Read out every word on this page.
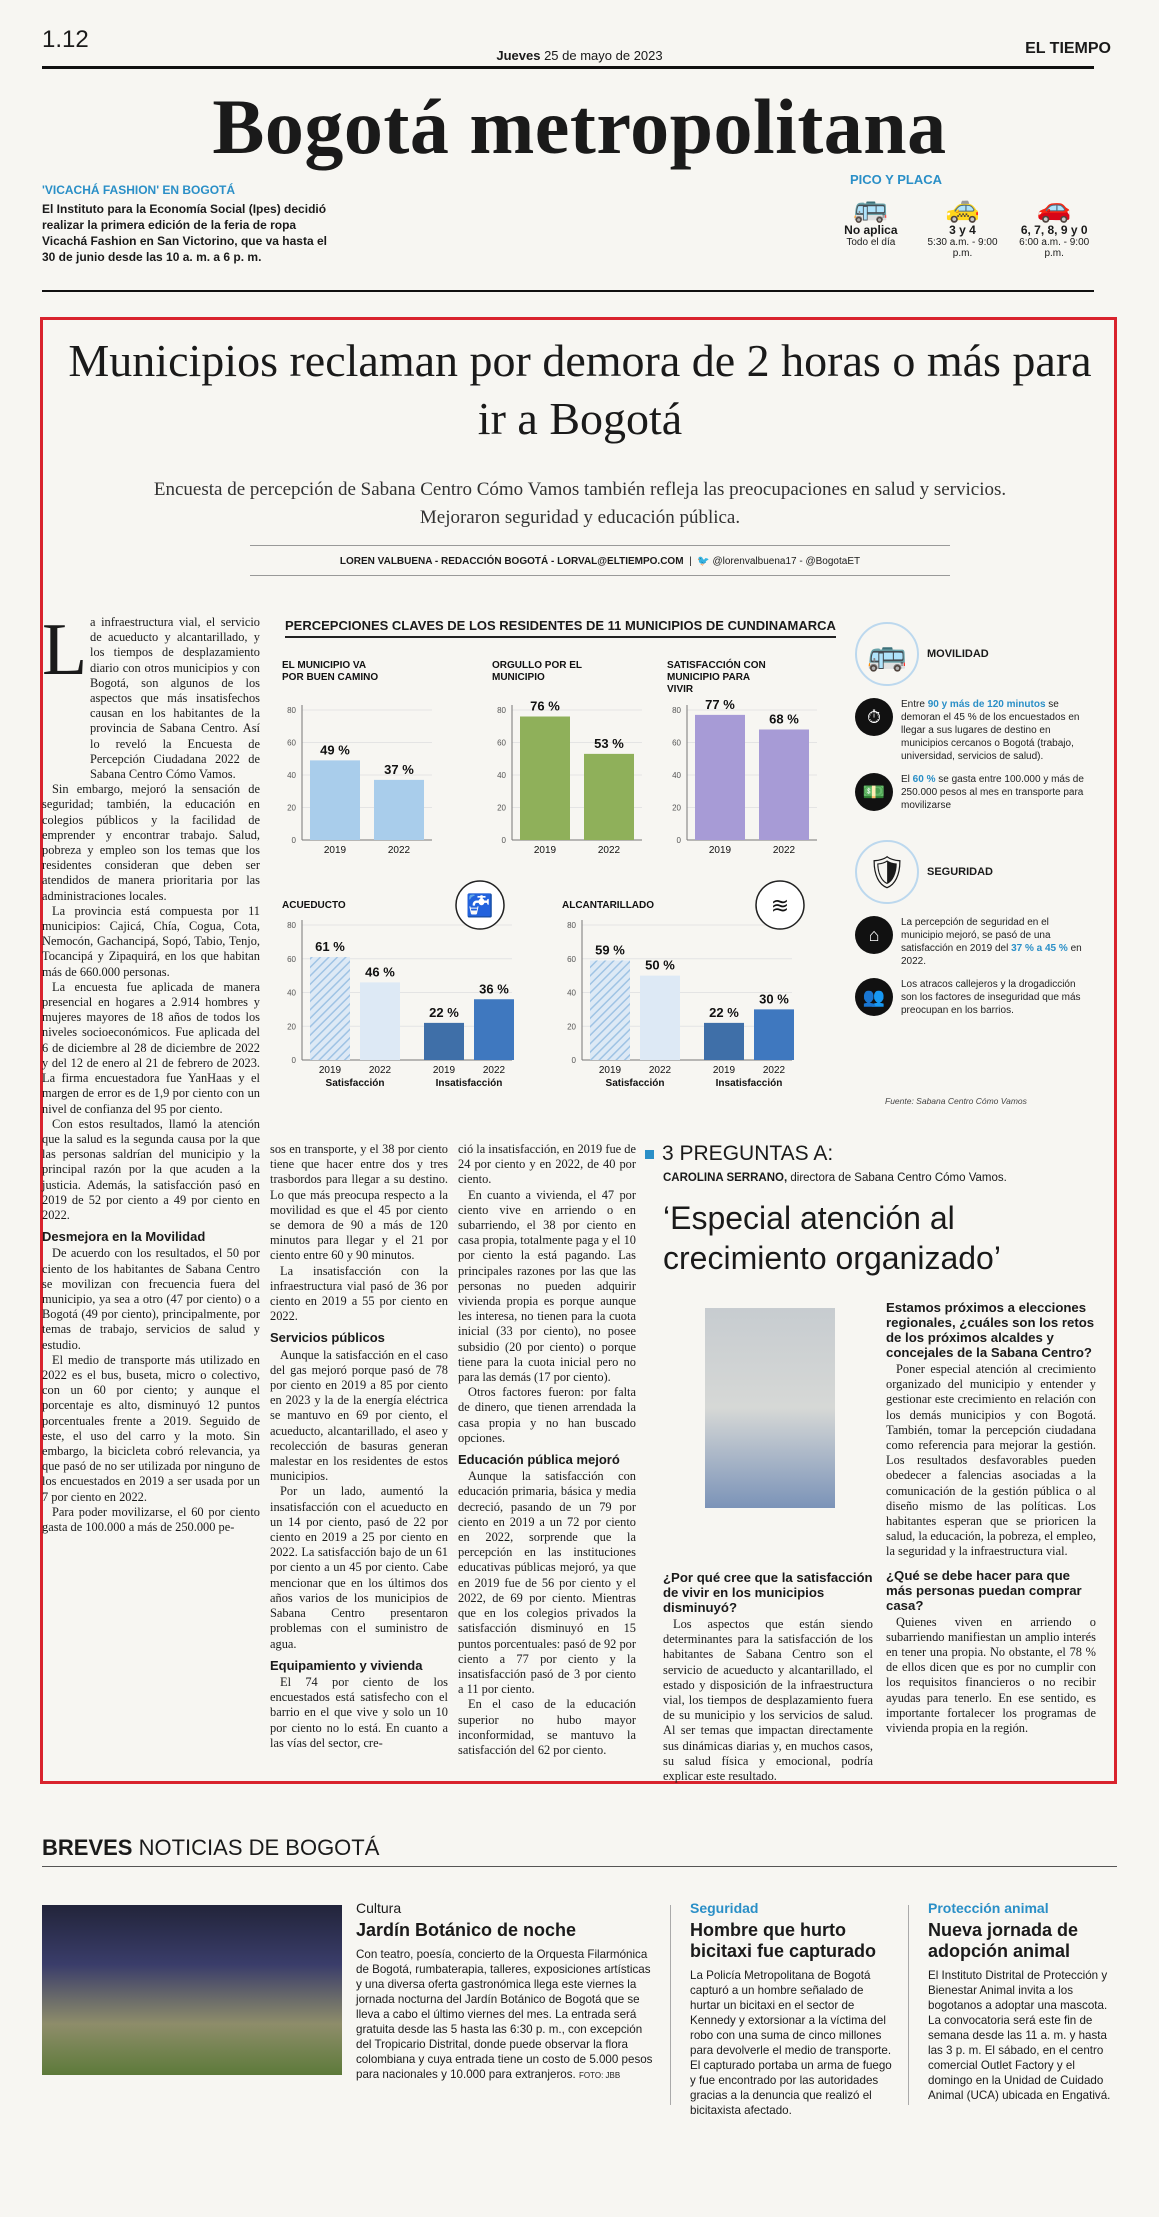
1.12
Jueves 25 de mayo de 2023	EL TIEMPO
Bogotá metropolitana
'VICACHÁ FASHION' EN BOGOTÁ
El Instituto para la Economía Social (Ipes) decidió realizar la primera edición de la feria de ropa Vicachá Fashion en San Victorino, que va hasta el 30 de junio desde las 10 a. m. a 6 p. m.
PICO Y PLACA
🚌
No aplica
Todo el día
🚕
3 y 4
5:30 a.m. - 9:00 p.m.
🚗
6, 7, 8, 9 y 0
6:00 a.m. - 9:00 p.m.
Municipios reclaman por demora de 2 horas o más para ir a Bogotá
Encuesta de percepción de Sabana Centro Cómo Vamos también refleja las preocupaciones en salud y servicios. Mejoraron seguridad y educación pública.
LOREN VALBUENA - REDACCIÓN BOGOTÁ - LORVAL@ELTIEMPO.COM  |  🐦 @lorenvalbuena17 - @BogotaET
PERCEPCIONES CLAVES DE LOS RESIDENTES DE 11 MUNICIPIOS DE CUNDINAMARCA
EL MUNICIPIO VA
POR BUEN CAMINO
0
20
40
60
80
49 %
2019
37 %
2022
ORGULLO POR EL
MUNICIPIO
0
20
40
60
80 76 %
2019
53 %
2022
SATISFACCIÓN CON
MUNICIPIO PARA
VIVIR
0
20
40
60
80 77 %
2019
68 %
2022
ACUEDUCTO
0
20
40
60
80
61 %
2019
46 %
2022
22 %
2019
36 %
2022
Satisfacción	Insatisfacción
🚰	ALCANTARILLADO
0
20
40
60
80
59 %
2019
50 %
2022
22 %
2019
30 %
2022
Satisfacción	Insatisfacción
≋
Fuente: Sabana Centro Cómo Vamos
🚌	MOVILIDAD
⏱
Entre 90 y más de 120 minutos se demoran el 45 % de los encuestados en llegar a sus lugares de destino en municipios cercanos o Bogotá (trabajo, universidad, servicios de salud).
💵
El 60 % se gasta entre 100.000 y más de 250.000 pesos al mes en transporte para movilizarse
🛡	SEGURIDAD
⌂
La percepción de seguridad en el municipio mejoró, se pasó de una satisfacción en 2019 del 37 % a 45 % en 2022.
👥
Los atracos callejeros y la drogadicción son los factores de inseguridad que más preocupan en los barrios.
L a infraestructura vial, el servicio de acueducto y alcantarillado, y los tiempos de desplazamiento diario con otros municipios y con Bogotá, son algunos de los aspectos que más insatisfechos causan en los habitantes de la provincia de Sabana Centro. Así lo reveló la Encuesta de Percepción Ciudadana 2022 de Sabana Centro Cómo Vamos.

Sin embargo, mejoró la sensación de seguridad; también, la educación en colegios públicos y la facilidad de emprender y encontrar trabajo. Salud, pobreza y empleo son los temas que los residentes consideran que deben ser atendidos de manera prioritaria por las administraciones locales.

La provincia está compuesta por 11 municipios: Cajicá, Chía, Cogua, Cota, Nemocón, Gachancipá, Sopó, Tabio, Tenjo, Tocancipá y Zipaquirá, en los que habitan más de 660.000 personas.

La encuesta fue aplicada de manera presencial en hogares a 2.914 hombres y mujeres mayores de 18 años de todos los niveles socioeconómicos. Fue aplicada del 6 de diciembre al 28 de diciembre de 2022 y del 12 de enero al 21 de febrero de 2023. La firma encuestadora fue YanHaas y el margen de error es de 1,9 por ciento con un nivel de confianza del 95 por ciento.

Con estos resultados, llamó la atención que la salud es la segunda causa por la que las personas saldrían del municipio y la principal razón por la que acuden a la justicia. Además, la satisfacción pasó en 2019 de 52 por ciento a 49 por ciento en 2022.

Desmejora en la Movilidad

De acuerdo con los resultados, el 50 por ciento de los habitantes de Sabana Centro se movilizan con frecuencia fuera del municipio, ya sea a otro (47 por ciento) o a Bogotá (49 por ciento), principalmente, por temas de trabajo, servicios de salud y estudio.

El medio de transporte más utilizado en 2022 es el bus, buseta, micro o colectivo, con un 60 por ciento; y aunque el porcentaje es alto, disminuyó 12 puntos porcentuales frente a 2019. Seguido de este, el uso del carro y la moto. Sin embargo, la bicicleta cobró relevancia, ya que pasó de no ser utilizada por ninguno de los encuestados en 2019 a ser usada por un 7 por ciento en 2022.

Para poder movilizarse, el 60 por ciento gasta de 100.000 a más de 250.000 pe-

sos en transporte, y el 38 por ciento tiene que hacer entre dos y tres trasbordos para llegar a su destino. Lo que más preocupa respecto a la movilidad es que el 45 por ciento se demora de 90 a más de 120 minutos para llegar y el 21 por ciento entre 60 y 90 minutos.

La insatisfacción con la infraestructura vial pasó de 36 por ciento en 2019 a 55 por ciento en 2022.

Servicios públicos

Aunque la satisfacción en el caso del gas mejoró porque pasó de 78 por ciento en 2019 a 85 por ciento en 2023 y la de la energía eléctrica se mantuvo en 69 por ciento, el acueducto, alcantarillado, el aseo y recolección de basuras generan malestar en los residentes de estos municipios.

Por un lado, aumentó la insatisfacción con el acueducto en un 14 por ciento, pasó de 22 por ciento en 2019 a 25 por ciento en 2022. La satisfacción bajo de un 61 por ciento a un 45 por ciento. Cabe mencionar que en los últimos dos años varios de los municipios de Sabana Centro presentaron problemas con el suministro de agua.

Equipamiento y vivienda

El 74 por ciento de los encuestados está satisfecho con el barrio en el que vive y solo un 10 por ciento no lo está. En cuanto a las vías del sector, cre-

ció la insatisfacción, en 2019 fue de 24 por ciento y en 2022, de 40 por ciento.

En cuanto a vivienda, el 47 por ciento vive en arriendo o en subarriendo, el 38 por ciento en casa propia, totalmente paga y el 10 por ciento la está pagando. Las principales razones por las que las personas no pueden adquirir vivienda propia es porque aunque les interesa, no tienen para la cuota inicial (33 por ciento), no posee subsidio (20 por ciento) o porque tiene para la cuota inicial pero no para las demás (17 por ciento).

Otros factores fueron: por falta de dinero, que tienen arrendada la casa propia y no han buscado opciones.

Educación pública mejoró

Aunque la satisfacción con educación primaria, básica y media decreció, pasando de un 79 por ciento en 2019 a un 72 por ciento en 2022, sorprende que la percepción en las instituciones educativas públicas mejoró, ya que en 2019 fue de 56 por ciento y el 2022, de 69 por ciento. Mientras que en los colegios privados la satisfacción disminuyó en 15 puntos porcentuales: pasó de 92 por ciento a 77 por ciento y la insatisfacción pasó de 3 por ciento a 11 por ciento.

En el caso de la educación superior no hubo mayor inconformidad, se mantuvo la satisfacción del 62 por ciento.

3 PREGUNTAS A:
CAROLINA SERRANO, directora de Sabana Centro Cómo Vamos.
‘Especial atención al crecimiento organizado’
¿Por qué cree que la satisfacción de vivir en los municipios disminuyó?

Los aspectos que están siendo determinantes para la satisfacción de los habitantes de Sabana Centro son el servicio de acueducto y alcantarillado, el estado y disposición de la infraestructura vial, los tiempos de desplazamiento fuera de su municipio y los servicios de salud. Al ser temas que impactan directamente sus dinámicas diarias y, en muchos casos, su salud física y emocional, podría explicar este resultado.

Estamos próximos a elecciones regionales, ¿cuáles son los retos de los próximos alcaldes y concejales de la Sabana Centro?

Poner especial atención al crecimiento organizado del municipio y entender y gestionar este crecimiento en relación con los demás municipios y con Bogotá. También, tomar la percepción ciudadana como referencia para mejorar la gestión. Los resultados desfavorables pueden obedecer a falencias asociadas a la comunicación de la gestión pública o al diseño mismo de las políticas. Los habitantes esperan que se prioricen la salud, la educación, la pobreza, el empleo, la seguridad y la infraestructura vial.

¿Qué se debe hacer para que más personas puedan comprar casa?

Quienes viven en arriendo o subarriendo manifiestan un amplio interés en tener una propia. No obstante, el 78 % de ellos dicen que es por no cumplir con los requisitos financieros o no recibir ayudas para tenerlo. En ese sentido, es importante fortalecer los programas de vivienda propia en la región.

BREVES NOTICIAS DE BOGOTÁ
Cultura
Jardín Botánico de noche
Con teatro, poesía, concierto de la Orquesta Filarmónica de Bogotá, rumbaterapia, talleres, exposiciones artísticas y una diversa oferta gastronómica llega este viernes la jornada nocturna del Jardín Botánico de Bogotá que se lleva a cabo el último viernes del mes. La entrada será gratuita desde las 5 hasta las 6:30 p. m., con excepción del Tropicario Distrital, donde puede observar la flora colombiana y cuya entrada tiene un costo de 5.000 pesos para nacionales y 10.000 para extranjeros. FOTO: JBB
Seguridad
Hombre que hurto bicitaxi fue capturado
La Policía Metropolitana de Bogotá capturó a un hombre señalado de hurtar un bicitaxi en el sector de Kennedy y extorsionar a la víctima del robo con una suma de cinco millones para devolverle el medio de transporte. El capturado portaba un arma de fuego y fue encontrado por las autoridades gracias a la denuncia que realizó el bicitaxista afectado.
Protección animal
Nueva jornada de adopción animal
El Instituto Distrital de Protección y Bienestar Animal invita a los bogotanos a adoptar una mascota. La convocatoria será este fin de semana desde las 11 a. m. y hasta las 3 p. m. El sábado, en el centro comercial Outlet Factory y el domingo en la Unidad de Cuidado Animal (UCA) ubicada en Engativá.
